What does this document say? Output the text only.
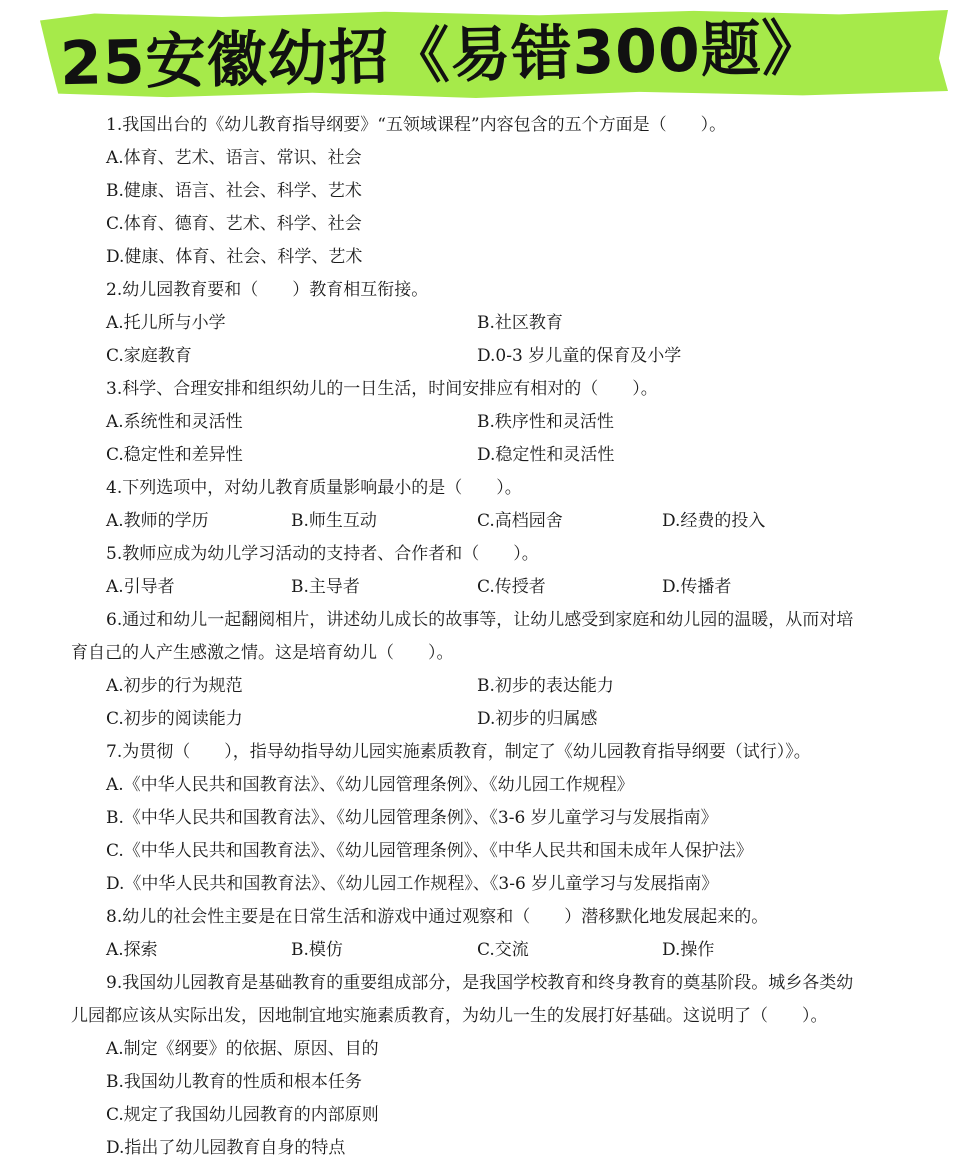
25安徽幼招《易错300题》
1.我国出台的《幼儿教育指导纲要》“五领域课程”内容包含的五个方面是（　　）。
A.体育、艺术、语言、常识、社会
B.健康、语言、社会、科学、艺术
C.体育、德育、艺术、科学、社会
D.健康、体育、社会、科学、艺术
2.幼儿园教育要和（　　）教育相互衔接。
A.托儿所与小学	B.社区教育
C.家庭教育	D.0-3 岁儿童的保育及小学
3.科学、合理安排和组织幼儿的一日生活，时间安排应有相对的（　　）。
A.系统性和灵活性	B.秩序性和灵活性
C.稳定性和差异性	D.稳定性和灵活性
4.下列选项中，对幼儿教育质量影响最小的是（　　）。
A.教师的学历	B.师生互动	C.高档园舍	D.经费的投入
5.教师应成为幼儿学习活动的支持者、合作者和（　　）。
A.引导者	B.主导者	C.传授者	D.传播者
6.通过和幼儿一起翻阅相片，讲述幼儿成长的故事等，让幼儿感受到家庭和幼儿园的温暖，从而对培
育自己的人产生感激之情。这是培育幼儿（　　）。
A.初步的行为规范	B.初步的表达能力
C.初步的阅读能力	D.初步的归属感
7.为贯彻（　　），指导幼指导幼儿园实施素质教育，制定了《幼儿园教育指导纲要（试行）》。
A.《中华人民共和国教育法》、《幼儿园管理条例》、《幼儿园工作规程》
B.《中华人民共和国教育法》、《幼儿园管理条例》、《3-6 岁儿童学习与发展指南》
C.《中华人民共和国教育法》、《幼儿园管理条例》、《中华人民共和国未成年人保护法》
D.《中华人民共和国教育法》、《幼儿园工作规程》、《3-6 岁儿童学习与发展指南》
8.幼儿的社会性主要是在日常生活和游戏中通过观察和（　　）潜移默化地发展起来的。
A.探索	B.模仿	C.交流	D.操作
9.我国幼儿园教育是基础教育的重要组成部分，是我国学校教育和终身教育的奠基阶段。城乡各类幼
儿园都应该从实际出发，因地制宜地实施素质教育，为幼儿一生的发展打好基础。这说明了（　　）。
A.制定《纲要》的依据、原因、目的
B.我国幼儿教育的性质和根本任务
C.规定了我国幼儿园教育的内部原则
D.指出了幼儿园教育自身的特点
